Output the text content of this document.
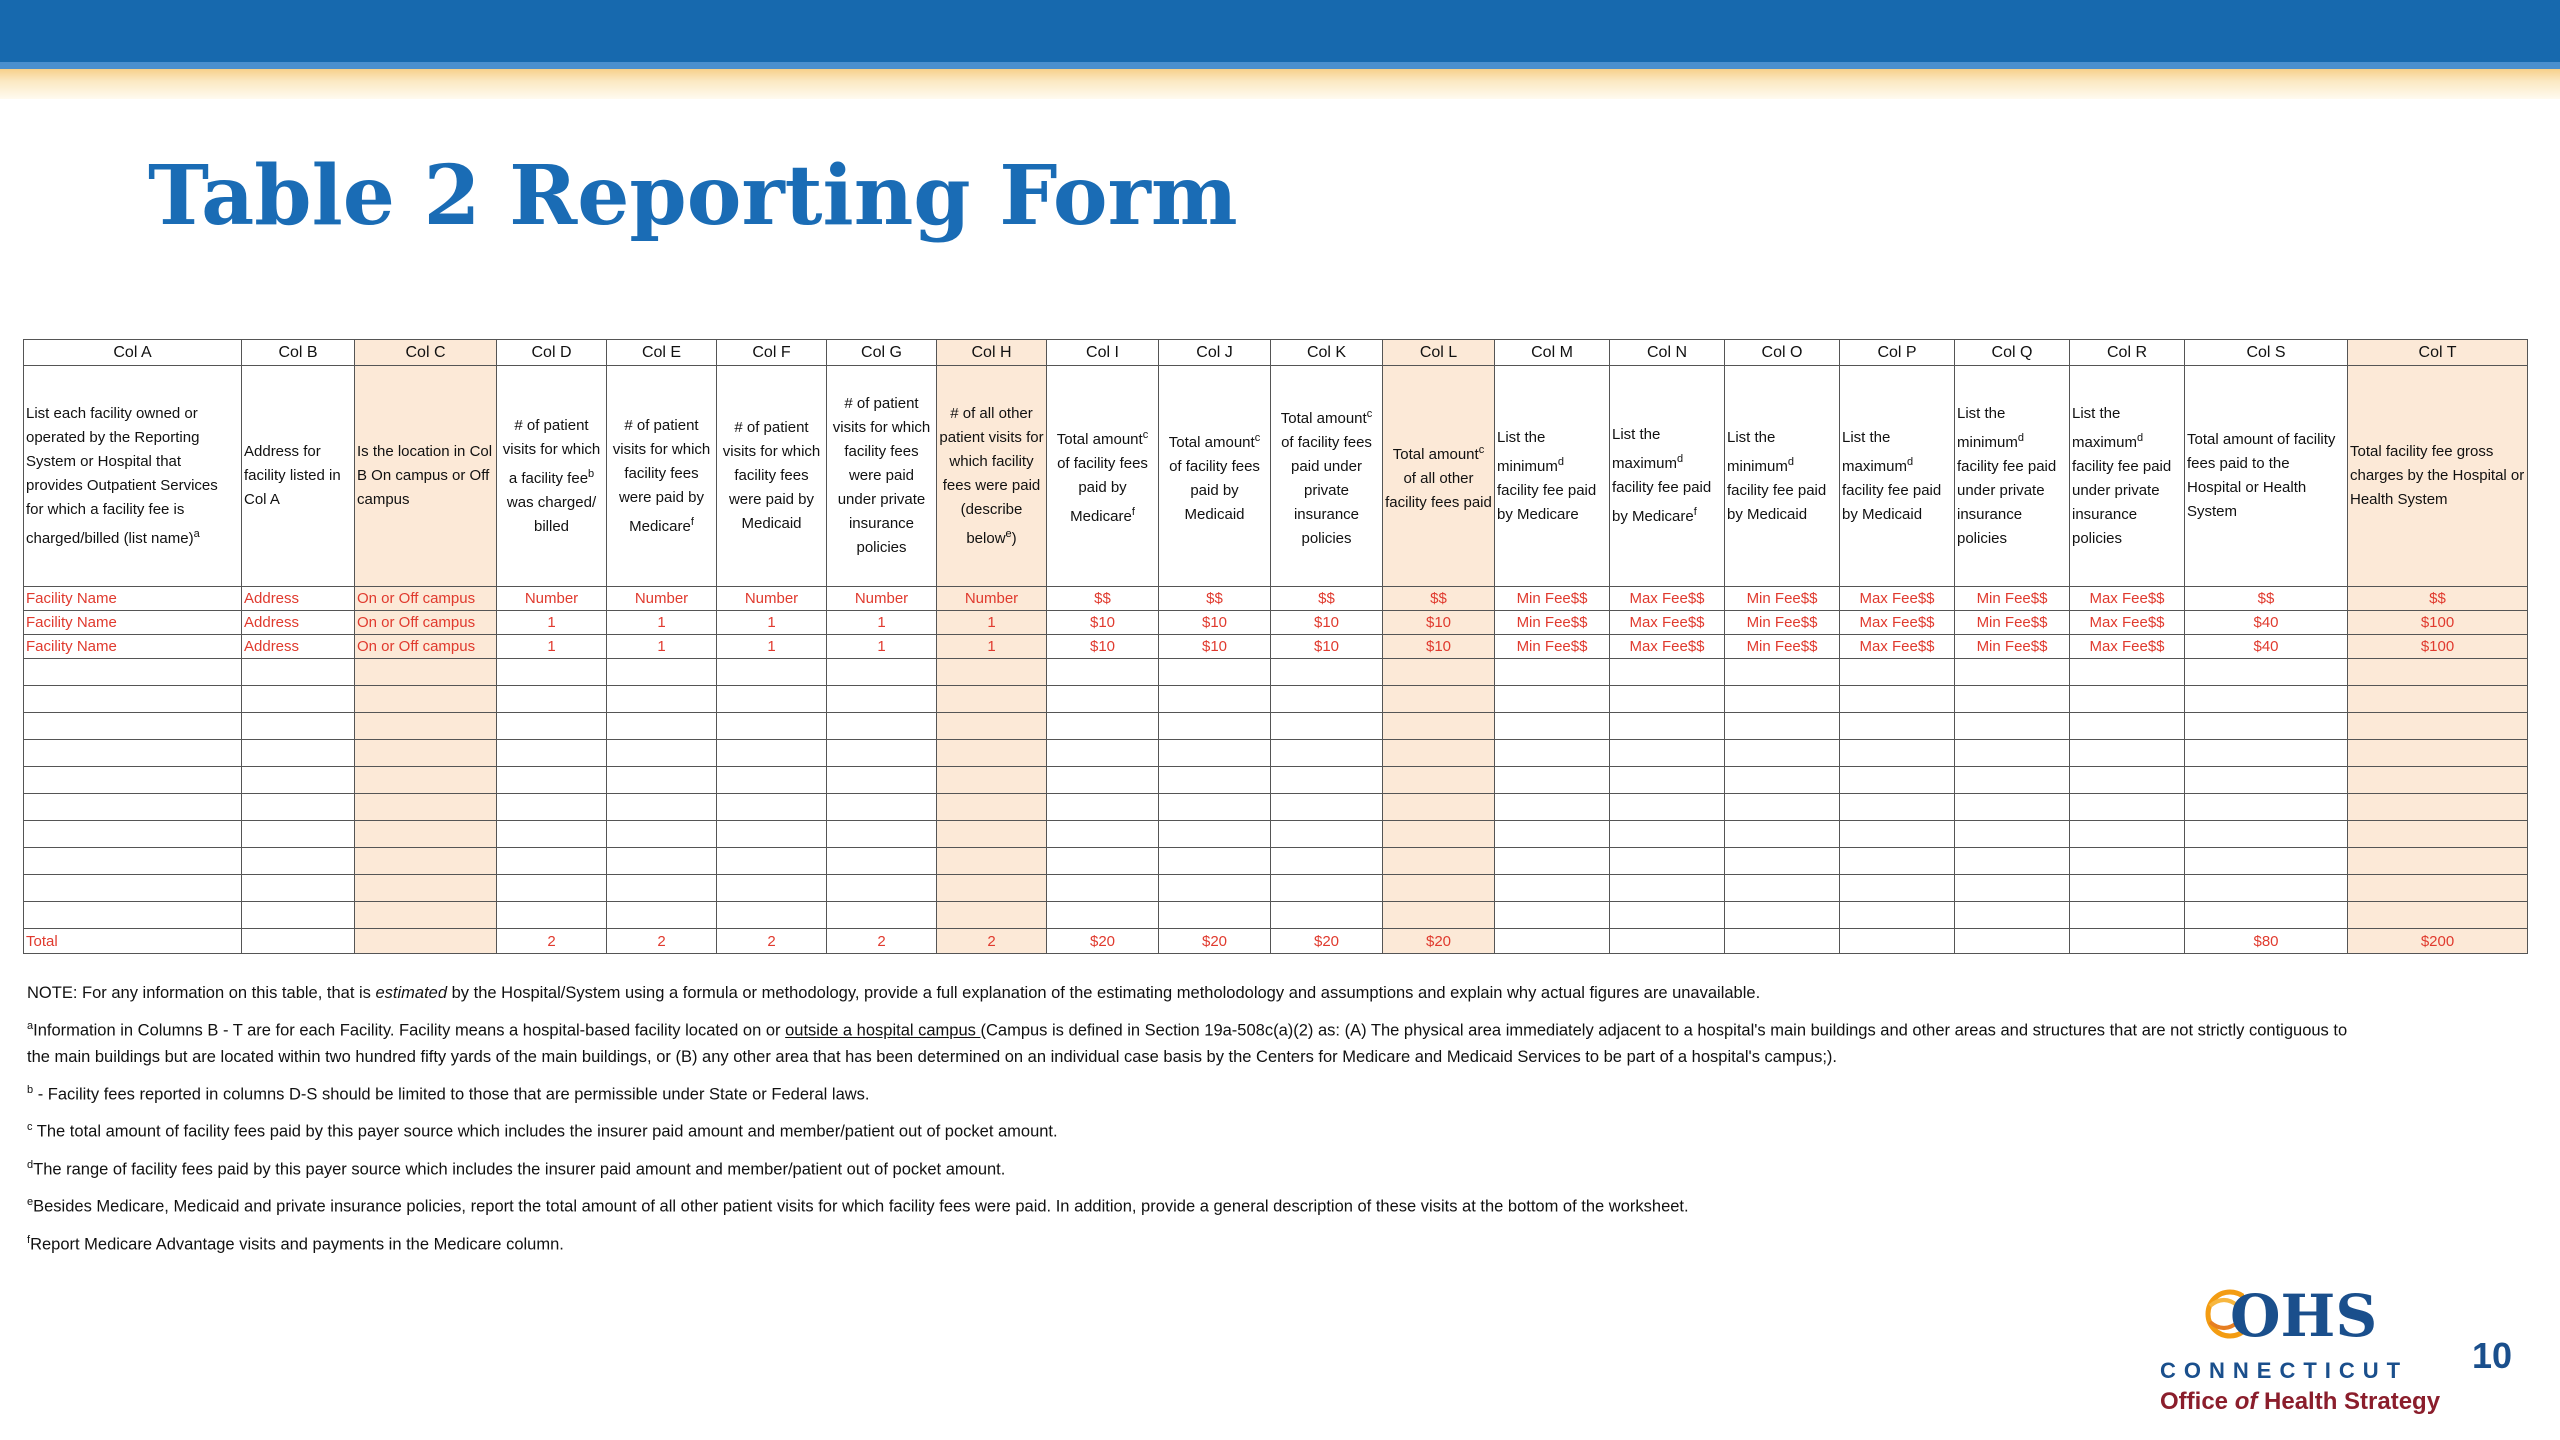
Table 2 Reporting Form
Col A	Col B	Col C	Col D	Col E	Col F	Col G	Col H	Col I	Col J	Col K	Col L	Col M	Col N	Col O	Col P	Col Q	Col R	Col S	Col T
List each facility owned or operated by the Reporting System or Hospital that provides Outpatient Services for which a facility fee is charged/billed (list name)$^a$	Address for facility listed in Col A	Is the location in Col B On campus or Off campus	# of patient visits for which a facility fee$^b$ was charged/ billed	# of patient visits for which facility fees were paid by Medicare$^f$	# of patient visits for which facility fees were paid by Medicaid	# of patient visits for which facility fees were paid under private insurance policies	# of all other patient visits for which facility fees were paid (describe below$^e$)	Total amount$^c$ of facility fees paid by Medicare$^f$	Total amount$^c$ of facility fees paid by Medicaid	Total amount$^c$ of facility fees paid under private insurance policies	Total amount$^c$ of all other facility fees paid	List the minimum$^d$ facility fee paid by Medicare	List the maximum$^d$ facility fee paid by Medicare$^f$	List the minimum$^d$ facility fee paid by Medicaid	List the maximum$^d$ facility fee paid by Medicaid	List the minimum$^d$ facility fee paid under private insurance policies	List the maximum$^d$ facility fee paid under private insurance policies	Total amount of facility fees paid to the Hospital or Health System	Total facility fee gross charges by the Hospital or Health System
Facility Name	Address	On or Off campus	Number	Number	Number	Number	Number	$$	$$	$$	$$	Min Fee$$	Max Fee$$	Min Fee$$	Max Fee$$	Min Fee$$	Max Fee$$	$$	$$
Facility Name	Address	On or Off campus	1	1	1	1	1	$10	$10	$10	$10	Min Fee$$	Max Fee$$	Min Fee$$	Max Fee$$	Min Fee$$	Max Fee$$	$40	$100
Facility Name	Address	On or Off campus	1	1	1	1	1	$10	$10	$10	$10	Min Fee$$	Max Fee$$	Min Fee$$	Max Fee$$	Min Fee$$	Max Fee$$	$40	$100

Total			2	2	2	2	2	$20	$20	$20	$20							$80	$200

NOTE: For any information on this table, that is estimated by the Hospital/System using a formula or methodology, provide a full explanation of the estimating metholodology and assumptions and explain why actual figures are unavailable.

$^a$Information in Columns B - T are for each Facility. Facility means a hospital-based facility located on or outside a hospital campus (Campus is defined in Section 19a-508c(a)(2) as: (A) The physical area immediately adjacent to a hospital's main buildings and other areas and structures that are not strictly contiguous to the main buildings but are located within two hundred fifty yards of the main buildings, or (B) any other area that has been determined on an individual case basis by the Centers for Medicare and Medicaid Services to be part of a hospital's campus;).

$^b$ - Facility fees reported in columns D-S should be limited to those that are permissible under State or Federal laws.

$^c$ The total amount of facility fees paid by this payer source which includes the insurer paid amount and member/patient out of pocket amount.

$^d$The range of facility fees paid by this payer source which includes the insurer paid amount and member/patient out of pocket amount.

$^e$Besides Medicare, Medicaid and private insurance policies, report the total amount of all other patient visits for which facility fees were paid. In addition, provide a general description of these visits at the bottom of the worksheet.

$^f$Report Medicare Advantage visits and payments in the Medicare column.

OHS
CONNECTICUT
Office of Health Strategy
10
